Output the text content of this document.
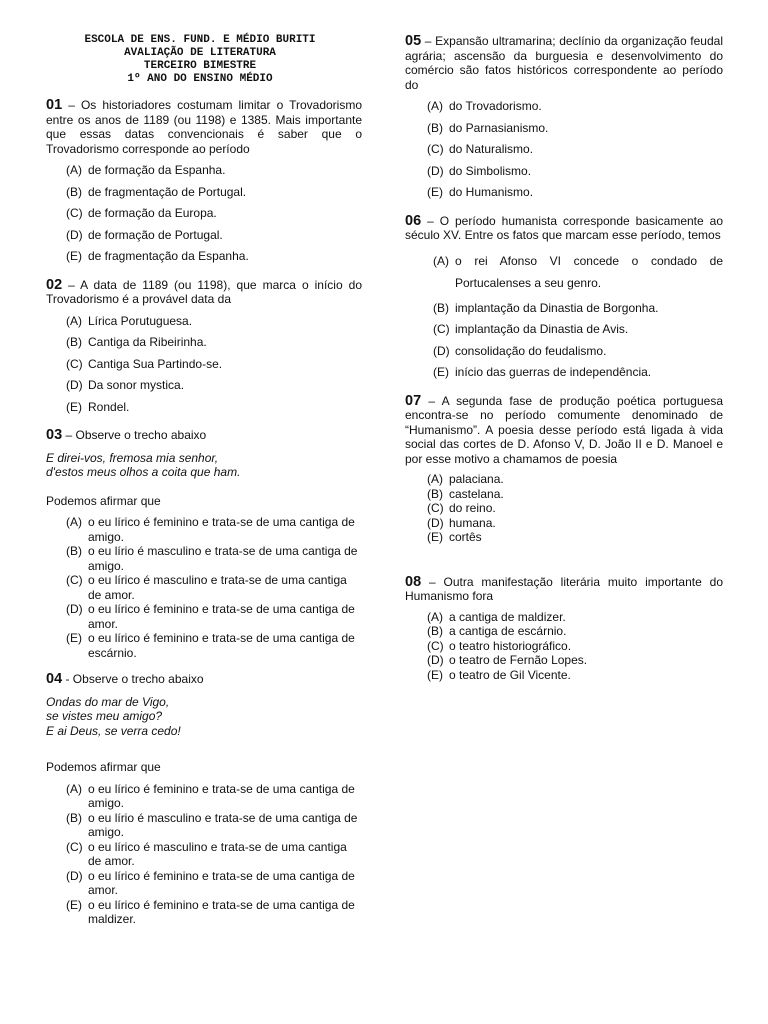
ESCOLA DE ENS. FUND. E MÉDIO BURITI
AVALIAÇÃO DE LITERATURA
TERCEIRO BIMESTRE
1º ANO DO ENSINO MÉDIO
01 – Os historiadores costumam limitar o Trovadorismo entre os anos de 1189 (ou 1198) e 1385. Mais importante que essas datas convencionais é saber que o Trovadorismo corresponde ao período
(A) de formação da Espanha.
(B) de fragmentação de Portugal.
(C) de formação da Europa.
(D) de formação de Portugal.
(E) de fragmentação da Espanha.
02 – A data de 1189 (ou 1198), que marca o início do Trovadorismo é a provável data da
(A) Lírica Porutuguesa.
(B) Cantiga da Ribeirinha.
(C) Cantiga Sua Partindo-se.
(D) Da sonor mystica.
(E) Rondel.
03 – Observe o trecho abaixo
E direi-vos, fremosa mia senhor,
d'estos meus olhos a coita que ham.
Podemos afirmar que
(A) o eu lírico é feminino e trata-se de uma cantiga de amigo.
(B) o eu lírio é masculino e trata-se de uma cantiga de amigo.
(C) o eu lírico é masculino e trata-se de uma cantiga de amor.
(D) o eu lírico é feminino e trata-se de uma cantiga de amor.
(E) o eu lírico é feminino e trata-se de uma cantiga de escárnio.
04 - Observe o trecho abaixo
Ondas do mar de Vigo,
se vistes meu amigo?
E ai Deus, se verra cedo!
Podemos afirmar que
(A) o eu lírico é feminino e trata-se de uma cantiga de amigo.
(B) o eu lírio é masculino e trata-se de uma cantiga de amigo.
(C) o eu lírico é masculino e trata-se de uma cantiga de amor.
(D) o eu lírico é feminino e trata-se de uma cantiga de amor.
(E) o eu lírico é feminino e trata-se de uma cantiga de maldizer.
05 – Expansão ultramarina; declínio da organização feudal agrária; ascensão da burguesia e desenvolvimento do comércio são fatos históricos correspondente ao período do
(A) do Trovadorismo.
(B) do Parnasianismo.
(C) do Naturalismo.
(D) do Simbolismo.
(E) do Humanismo.
06 – O período humanista corresponde basicamente ao século XV. Entre os fatos que marcam esse período, temos
(A) o rei Afonso VI concede o condado de Portucalenses a seu genro.
(B) implantação da Dinastia de Borgonha.
(C) implantação da Dinastia de Avis.
(D) consolidação do feudalismo.
(E) início das guerras de independência.
07 – A segunda fase de produção poética portuguesa encontra-se no período comumente denominado de “Humanismo”. A poesia desse período está ligada à vida social das cortes de D. Afonso V, D. João II e D. Manoel e por esse motivo a chamamos de poesia
(A) palaciana.
(B) castelana.
(C) do reino.
(D) humana.
(E) cortês
08 – Outra manifestação literária muito importante do Humanismo fora
(A) a cantiga de maldizer.
(B) a cantiga de escárnio.
(C) o teatro historiográfico.
(D) o teatro de Fernão Lopes.
(E) o teatro de Gil Vicente.
